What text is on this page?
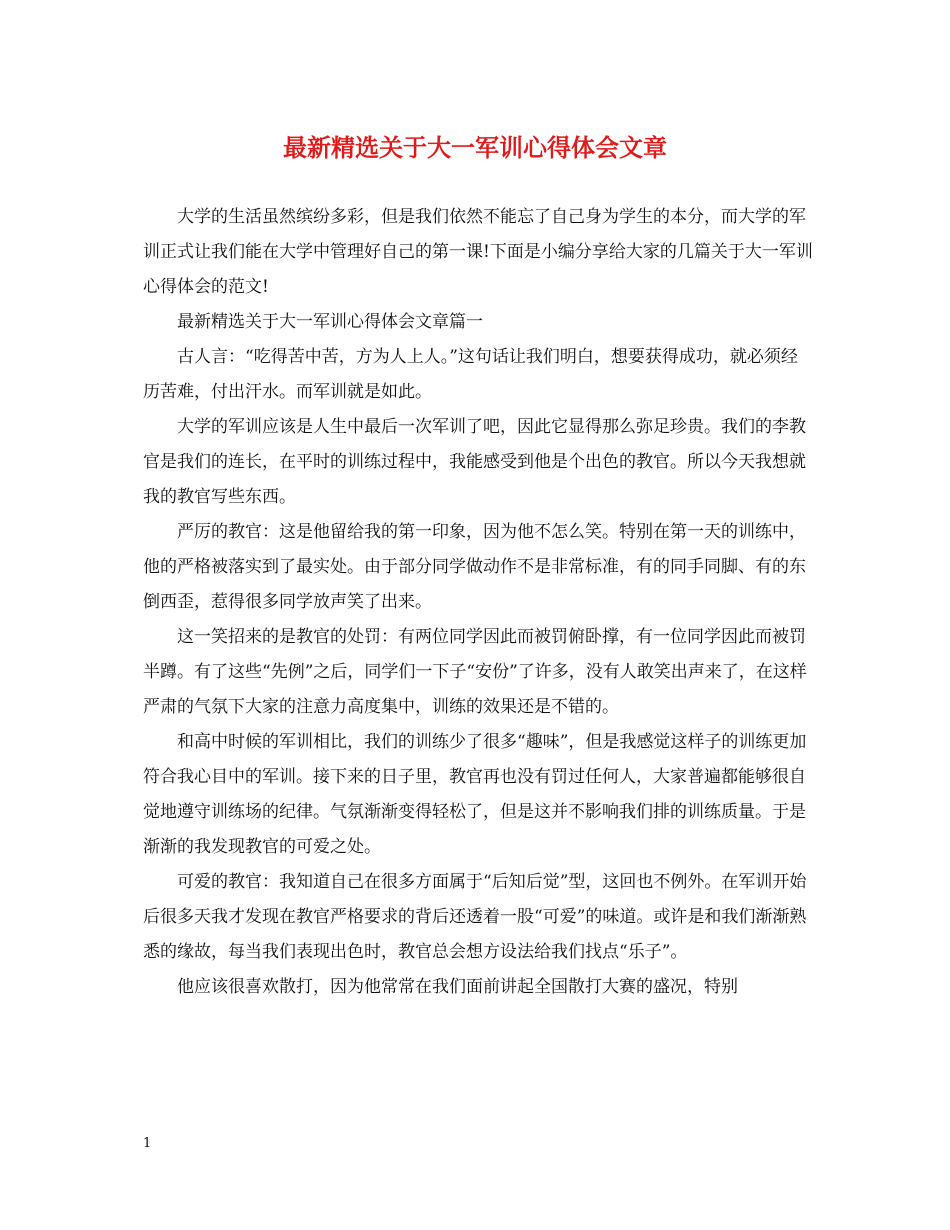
最新精选关于大一军训心得体会文章

大学的生活虽然缤纷多彩，但是我们依然不能忘了自己身为学生的本分，而大学的军训正式让我们能在大学中管理好自己的第一课!下面是小编分享给大家的几篇关于大一军训心得体会的范文!

最新精选关于大一军训心得体会文章篇一

古人言：“吃得苦中苦，方为人上人。”这句话让我们明白，想要获得成功，就必须经历苦难，付出汗水。而军训就是如此。

大学的军训应该是人生中最后一次军训了吧，因此它显得那么弥足珍贵。我们的李教官是我们的连长，在平时的训练过程中，我能感受到他是个出色的教官。所以今天我想就我的教官写些东西。

严厉的教官：这是他留给我的第一印象，因为他不怎么笑。特别在第一天的训练中，他的严格被落实到了最实处。由于部分同学做动作不是非常标准，有的同手同脚、有的东倒西歪，惹得很多同学放声笑了出来。

这一笑招来的是教官的处罚：有两位同学因此而被罚俯卧撑，有一位同学因此而被罚半蹲。有了这些“先例”之后，同学们一下子“安份”了许多，没有人敢笑出声来了，在这样严肃的气氛下大家的注意力高度集中，训练的效果还是不错的。

和高中时候的军训相比，我们的训练少了很多“趣味”，但是我感觉这样子的训练更加符合我心目中的军训。接下来的日子里，教官再也没有罚过任何人，大家普遍都能够很自觉地遵守训练场的纪律。气氛渐渐变得轻松了，但是这并不影响我们排的训练质量。于是渐渐的我发现教官的可爱之处。

可爱的教官：我知道自己在很多方面属于“后知后觉”型，这回也不例外。在军训开始后很多天我才发现在教官严格要求的背后还透着一股“可爱”的味道。或许是和我们渐渐熟悉的缘故，每当我们表现出色时，教官总会想方设法给我们找点“乐子”。

他应该很喜欢散打，因为他常常在我们面前讲起全国散打大赛的盛况，特别

1
